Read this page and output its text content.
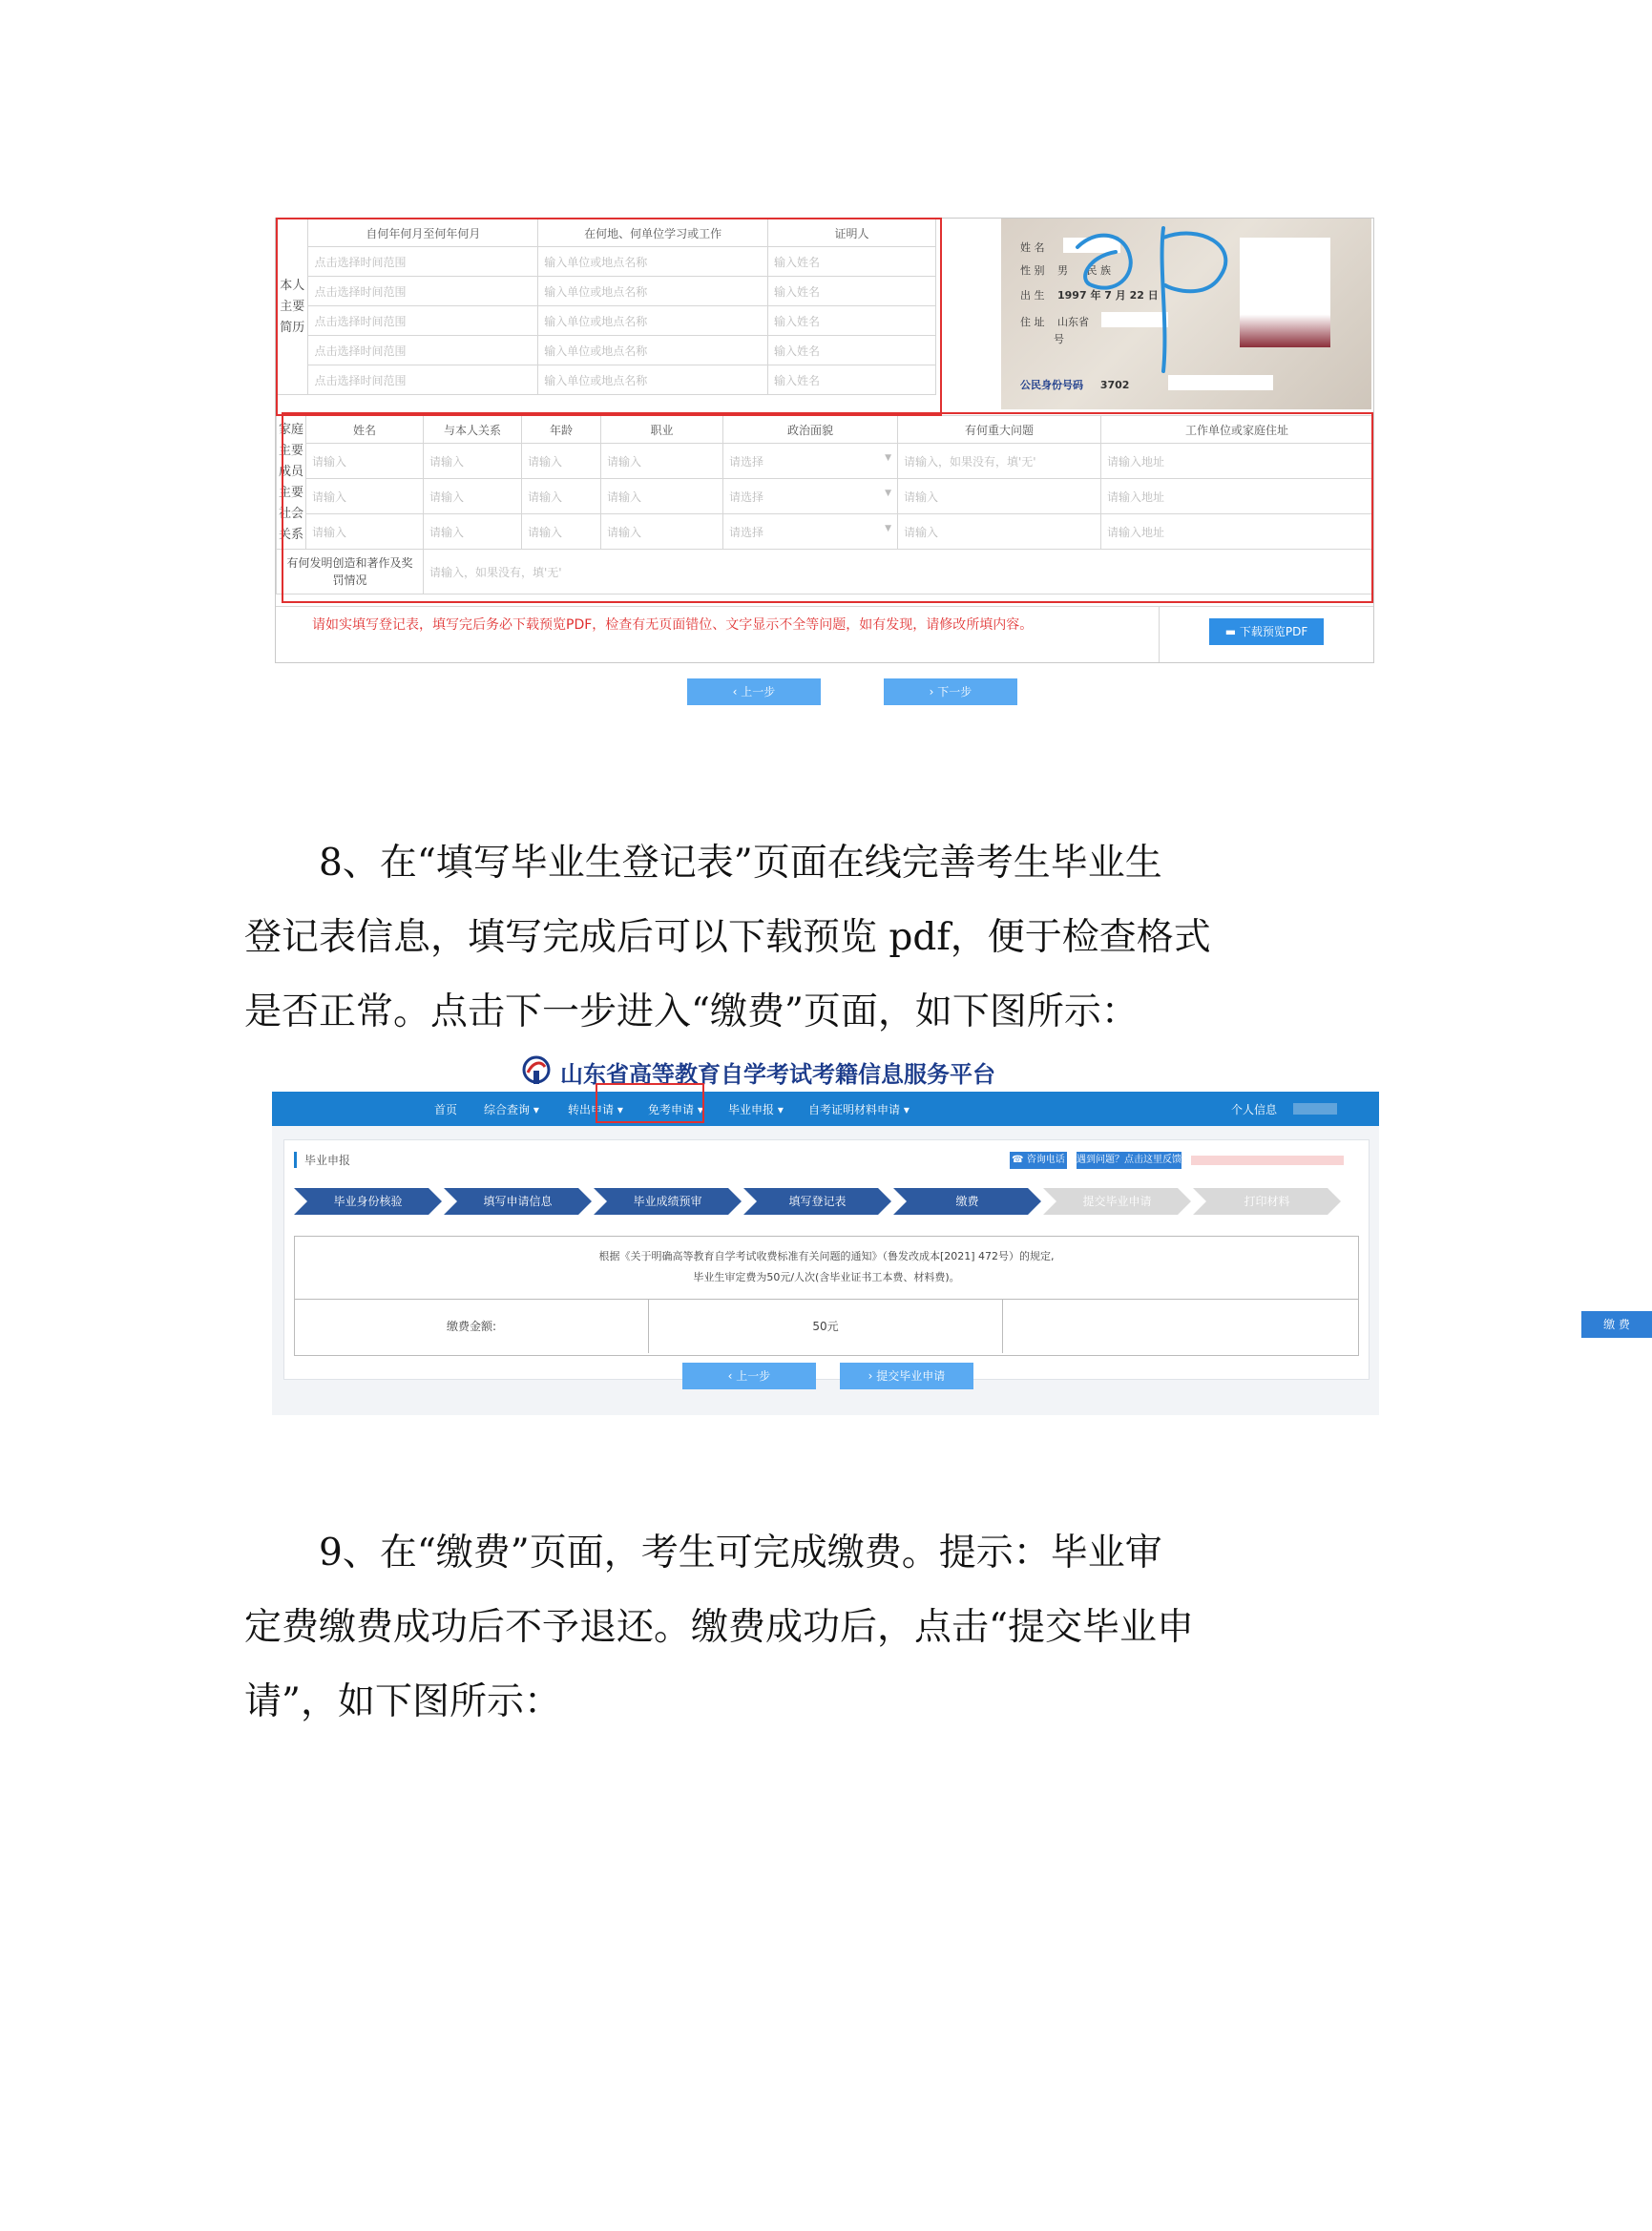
本人主要简历	自何年何月至何年何月	在何地、何单位学习或工作	证明人
	点击选择时间范围	输入单位或地点名称	输入姓名
	点击选择时间范围	输入单位或地点名称	输入姓名
	点击选择时间范围	输入单位或地点名称	输入姓名
	点击选择时间范围	输入单位或地点名称	输入姓名
	点击选择时间范围	输入单位或地点名称	输入姓名
姓 名
性 别 男 民 族
出 生 1997 年 7 月 22 日
住 址 山东省
号
公民身份号码 3702
家庭主要成员主要社会关系	姓名	与本人关系	年龄	职业	政治面貌	有何重大问题	工作单位或家庭住址
	请输入	请输入	请输入	请输入	请选择 ▼	请输入，如果没有，填'无'	请输入地址
	请输入	请输入	请输入	请输入	请选择 ▼	请输入	请输入地址
	请输入	请输入	请输入	请输入	请选择 ▼	请输入	请输入地址
有何发明创造和著作及奖罚情况		请输入，如果没有，填'无'					
请如实填写登记表，填写完后务必下载预览PDF，检查有无页面错位、文字显示不全等问题，如有发现，请修改所填内容。	▬ 下载预览PDF
‹ 上一步	› 下一步
8、在“填写毕业生登记表”页面在线完善考生毕业生
登记表信息，填写完成后可以下载预览 pdf，便于检查格式
是否正常。点击下一步进入“缴费”页面，如下图所示：
山东省高等教育自学考试考籍信息服务平台
首页 综合查询 ▾	转出申请 ▾ 免考申请 ▾ 毕业申报 ▾ 自考证明材料申请 ▾	个人信息
毕业申报	☎ 咨询电话 遇到问题？点击这里反馈
毕业身份核验	填写申请信息	毕业成绩预审	填写登记表	缴费	提交毕业申请	打印材料
根据《关于明确高等教育自学考试收费标准有关问题的通知》（鲁发改成本[2021] 472号）的规定,
毕业生审定费为50元/人次(含毕业证书工本费、材料费)。
缴费金额:	50元	缴 费
‹ 上一步	› 提交毕业申请
9、在“缴费”页面，考生可完成缴费。提示：毕业审
定费缴费成功后不予退还。缴费成功后，点击“提交毕业申
请”，如下图所示：
